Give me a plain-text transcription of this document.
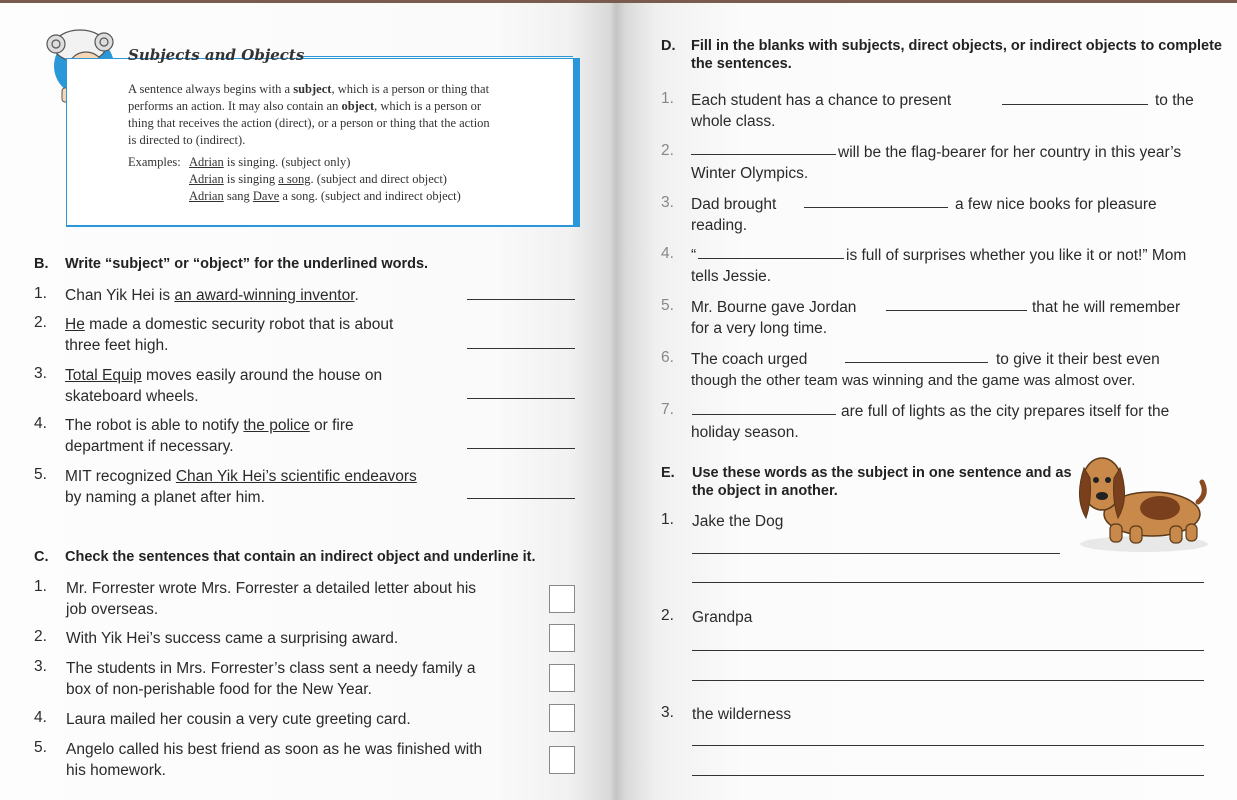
Subjects and Objects
A sentence always begins with a subject, which is a person or thing that
performs an action. It may also contain an object, which is a person or
thing that receives the action (direct), or a person or thing that the action
is directed to (indirect).
Examples: Adrian is singing. (subject only)
Adrian is singing a song. (subject and direct object)
Adrian sang Dave a song. (subject and indirect object)
B. Write “subject” or “object” for the underlined words.
1. Chan Yik Hei is an award-winning inventor.
2. He made a domestic security robot that is about
three feet high.
3. Total Equip moves easily around the house on
skateboard wheels.
4. The robot is able to notify the police or fire
department if necessary.
5. MIT recognized Chan Yik Hei’s scientific endeavors
by naming a planet after him.
C. Check the sentences that contain an indirect object and underline it.
1. Mr. Forrester wrote Mrs. Forrester a detailed letter about his
job overseas.
2. With Yik Hei’s success came a surprising award.
3. The students in Mrs. Forrester’s class sent a needy family a
box of non-perishable food for the New Year.
4. Laura mailed her cousin a very cute greeting card.
5. Angelo called his best friend as soon as he was finished with
his homework.
D. Fill in the blanks with subjects, direct objects, or indirect objects to complete
the sentences.
1. Each student has a chance to present	to the
whole class.
2.	will be the flag-bearer for her country in this year’s
Winter Olympics.
3. Dad brought	a few nice books for pleasure
reading.
4. “	is full of surprises whether you like it or not!” Mom
tells Jessie.
5. Mr. Bourne gave Jordan	that he will remember
for a very long time.
6. The coach urged	to give it their best even
though the other team was winning and the game was almost over.
7.	are full of lights as the city prepares itself for the
holiday season.
E. Use these words as the subject in one sentence and as
the object in another.
1. Jake the Dog
2. Grandpa
3. the wilderness
